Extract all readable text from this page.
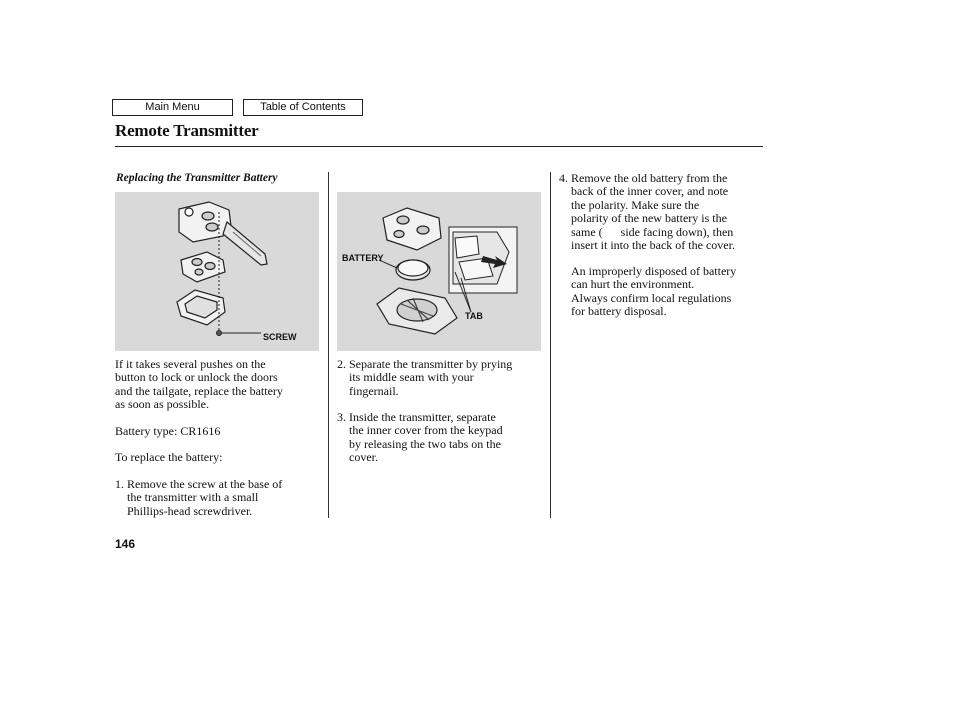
Main Menu	Table of Contents
Remote Transmitter
Replacing the Transmitter Battery
SCREW
BATTERY
TAB
If it takes several pushes on the
button to lock or unlock the doors
and the tailgate, replace the battery
as soon as possible.
Battery type: CR1616
To replace the battery:
1. Remove the screw at the base of
the transmitter with a small
Phillips-head screwdriver.
2. Separate the transmitter by prying
its middle seam with your
fingernail.
3. Inside the transmitter, separate
the inner cover from the keypad
by releasing the two tabs on the
cover.
4. Remove the old battery from the
back of the inner cover, and note
the polarity. Make sure the
polarity of the new battery is the
same (      side facing down), then
insert it into the back of the cover.
An improperly disposed of battery
can hurt the environment.
Always confirm local regulations
for battery disposal.
146
